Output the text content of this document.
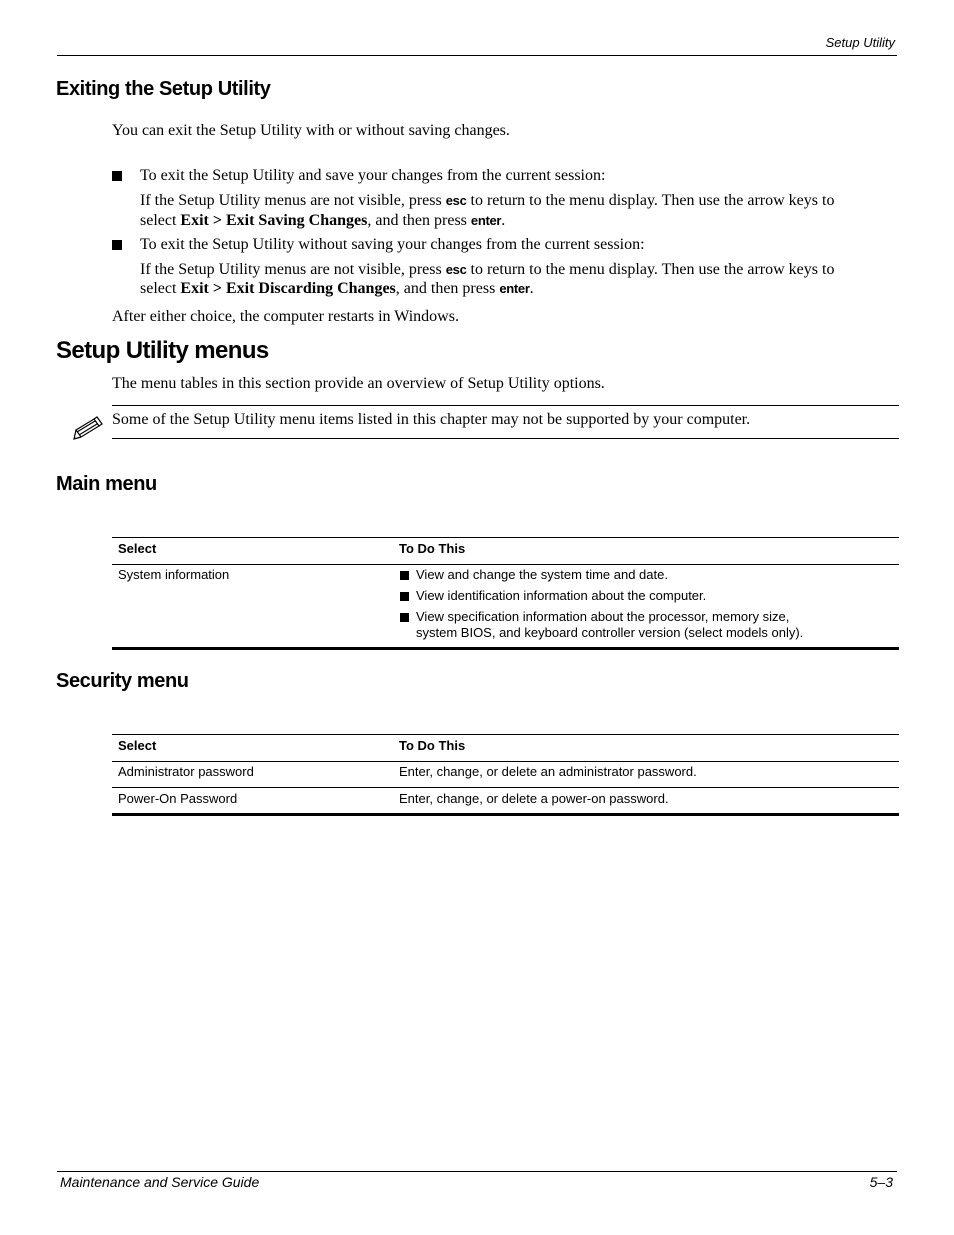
Setup Utility
Exiting the Setup Utility
You can exit the Setup Utility with or without saving changes.
To exit the Setup Utility and save your changes from the current session:
If the Setup Utility menus are not visible, press esc to return to the menu display. Then use the arrow keys to
select Exit > Exit Saving Changes, and then press enter.
To exit the Setup Utility without saving your changes from the current session:
If the Setup Utility menus are not visible, press esc to return to the menu display. Then use the arrow keys to
select Exit > Exit Discarding Changes, and then press enter.
After either choice, the computer restarts in Windows.
Setup Utility menus
The menu tables in this section provide an overview of Setup Utility options.
Some of the Setup Utility menu items listed in this chapter may not be supported by your computer.
Main menu
Select	To Do This
System information	View and change the system time and date.
View identification information about the computer.
View specification information about the processor, memory size,
system BIOS, and keyboard controller version (select models only).
Security menu
Select	To Do This
Administrator password	Enter, change, or delete an administrator password.
Power-On Password	Enter, change, or delete a power-on password.
Maintenance and Service Guide	5–3
